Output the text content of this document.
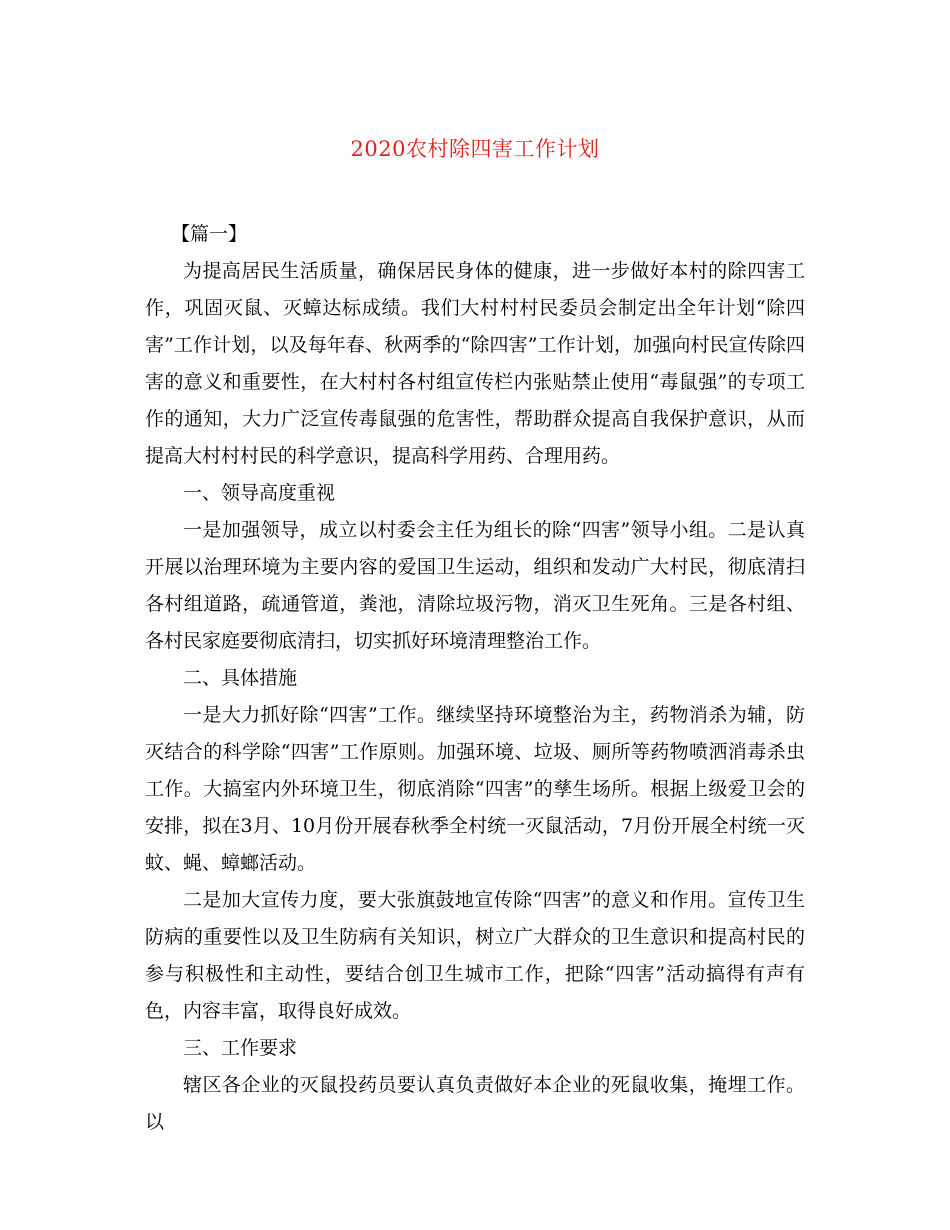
2020农村除四害工作计划

【篇一】

为提高居民生活质量，确保居民身体的健康，进一步做好本村的除四害工作，巩固灭鼠、灭蟑达标成绩。我们大村村村民委员会制定出全年计划“除四害”工作计划，以及每年春、秋两季的“除四害”工作计划，加强向村民宣传除四害的意义和重要性，在大村村各村组宣传栏内张贴禁止使用“毒鼠强”的专项工作的通知，大力广泛宣传毒鼠强的危害性，帮助群众提高自我保护意识，从而提高大村村村民的科学意识，提高科学用药、合理用药。

一、领导高度重视

一是加强领导，成立以村委会主任为组长的除“四害”领导小组。二是认真开展以治理环境为主要内容的爱国卫生运动，组织和发动广大村民，彻底清扫各村组道路，疏通管道，粪池，清除垃圾污物，消灭卫生死角。三是各村组、各村民家庭要彻底清扫，切实抓好环境清理整治工作。

二、具体措施

一是大力抓好除“四害”工作。继续坚持环境整治为主，药物消杀为辅，防灭结合的科学除“四害”工作原则。加强环境、垃圾、厕所等药物喷洒消毒杀虫工作。大搞室内外环境卫生，彻底消除“四害”的孳生场所。根据上级爱卫会的安排，拟在3月、10月份开展春秋季全村统一灭鼠活动，7月份开展全村统一灭蚊、蝇、蟑螂活动。

二是加大宣传力度，要大张旗鼓地宣传除“四害”的意义和作用。宣传卫生防病的重要性以及卫生防病有关知识，树立广大群众的卫生意识和提高村民的参与积极性和主动性，要结合创卫生城市工作，把除“四害”活动搞得有声有色，内容丰富，取得良好成效。

三、工作要求

辖区各企业的灭鼠投药员要认真负责做好本企业的死鼠收集，掩埋工作。以
